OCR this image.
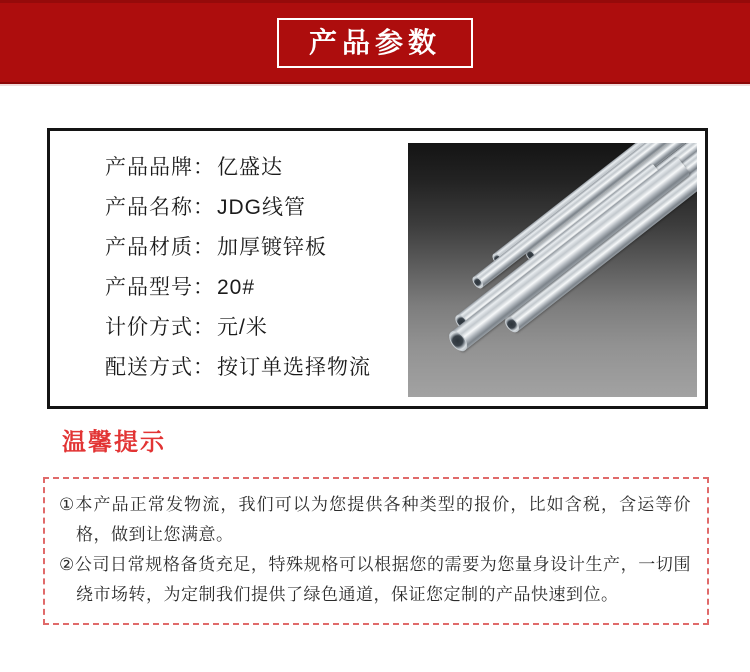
产品参数
产品品牌：亿盛达
产品名称：JDG线管
产品材质：加厚镀锌板
产品型号：20#
计价方式：元/米
配送方式：按订单选择物流
温馨提示
①本产品正常发物流，我们可以为您提供各种类型的报价，比如含税，含运等价格，做到让您满意。
②公司日常规格备货充足，特殊规格可以根据您的需要为您量身设计生产，一切围绕市场转，为定制我们提供了绿色通道，保证您定制的产品快速到位。
